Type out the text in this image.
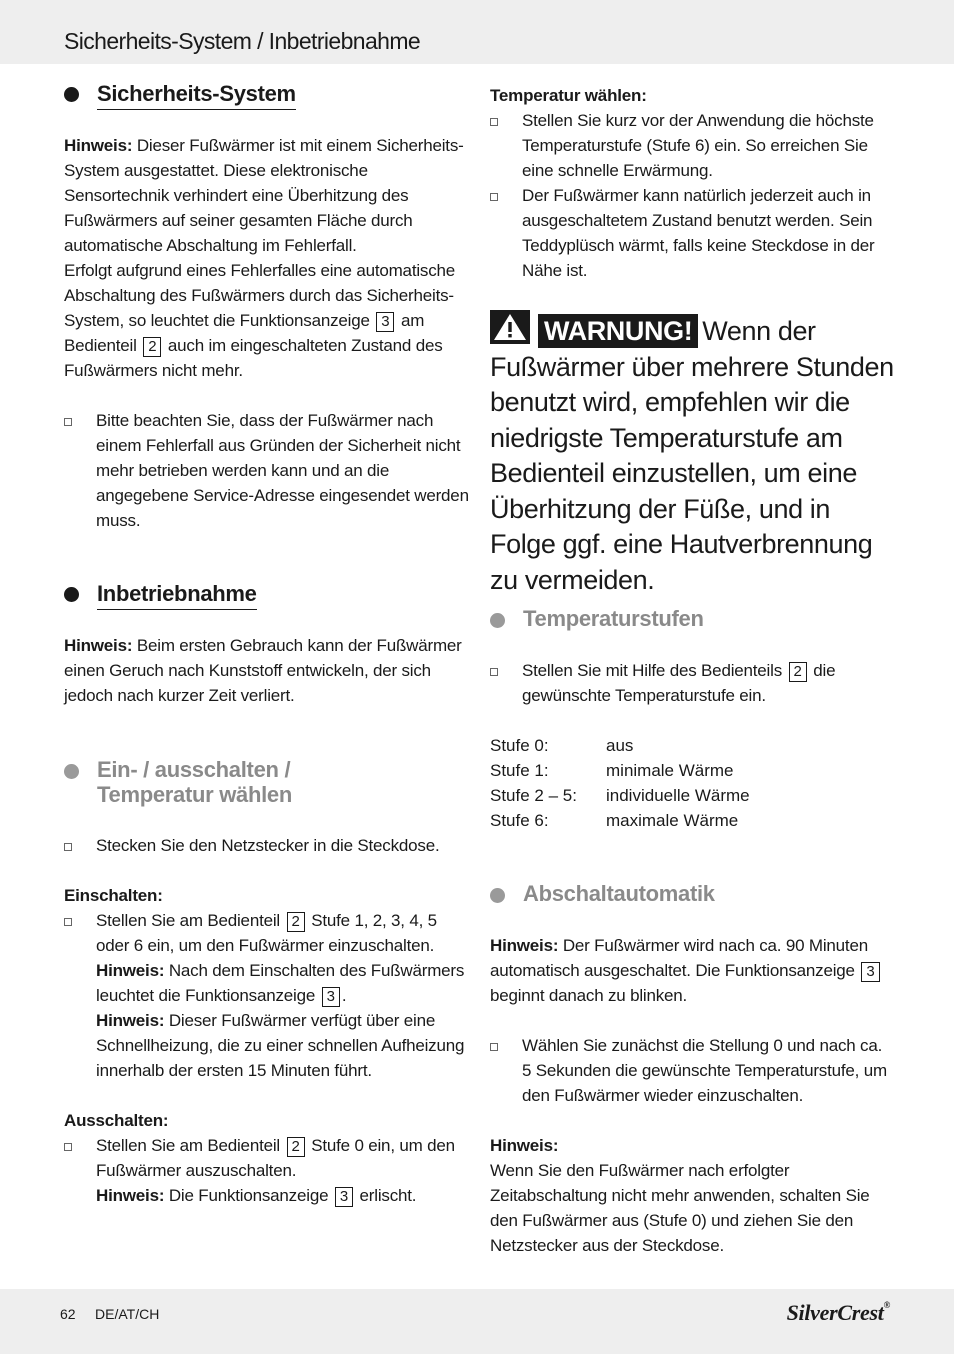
Sicherheits-System / Inbetriebnahme
Sicherheits-System
Hinweis: Dieser Fußwärmer ist mit einem Sicherheits-System ausgestattet. Diese elektronische Sensortechnik verhindert eine Überhitzung des Fußwärmers auf seiner gesamten Fläche durch automatische Abschaltung im Fehlerfall.
Erfolgt aufgrund eines Fehlerfalles eine automatische Abschaltung des Fußwärmers durch das Sicherheits-System, so leuchtet die Funktionsanzeige 3 am Bedienteil 2 auch im eingeschalteten Zustand des Fußwärmers nicht mehr.
Bitte beachten Sie, dass der Fußwärmer nach einem Fehlerfall aus Gründen der Sicherheit nicht mehr betrieben werden kann und an die angegebene Service-Adresse eingesendet werden muss.
Inbetriebnahme
Hinweis: Beim ersten Gebrauch kann der Fußwärmer einen Geruch nach Kunststoff entwickeln, der sich jedoch nach kurzer Zeit verliert.
Ein- / ausschalten /
Temperatur wählen
Stecken Sie den Netzstecker in die Steckdose.
Einschalten:
Stellen Sie am Bedienteil 2 Stufe 1, 2, 3, 4, 5 oder 6 ein, um den Fußwärmer einzuschalten.
Hinweis: Nach dem Einschalten des Fußwärmers leuchtet die Funktionsanzeige 3 .
Hinweis: Dieser Fußwärmer verfügt über eine Schnellheizung, die zu einer schnellen Aufheizung innerhalb der ersten 15 Minuten führt.
Ausschalten:
Stellen Sie am Bedienteil 2 Stufe 0 ein, um den Fußwärmer auszuschalten.
Hinweis: Die Funktionsanzeige 3 erlischt.
Temperatur wählen:
Stellen Sie kurz vor der Anwendung die höchste Temperaturstufe (Stufe 6) ein. So erreichen Sie eine schnelle Erwärmung.
Der Fußwärmer kann natürlich jederzeit auch in ausgeschaltetem Zustand benutzt werden. Sein Teddyplüsch wärmt, falls keine Steckdose in der Nähe ist.
WARNUNG! Wenn der Fußwärmer über mehrere Stunden benutzt wird, empfehlen wir die niedrigste Temperaturstufe am Bedienteil einzustellen, um eine Überhitzung der Füße, und in Folge ggf. eine Hautverbrennung zu vermeiden.
Temperaturstufen
Stellen Sie mit Hilfe des Bedienteils 2 die gewünschte Temperaturstufe ein.
Stufe 0:	aus
Stufe 1:	minimale Wärme
Stufe 2 – 5:	individuelle Wärme
Stufe 6:	maximale Wärme
Abschaltautomatik
Hinweis: Der Fußwärmer wird nach ca. 90 Minuten automatisch ausgeschaltet. Die Funktionsanzeige 3 beginnt danach zu blinken.
Wählen Sie zunächst die Stellung 0 und nach ca. 5 Sekunden die gewünschte Temperaturstufe, um den Fußwärmer wieder einzuschalten.
Hinweis:
Wenn Sie den Fußwärmer nach erfolgter Zeitabschaltung nicht mehr anwenden, schalten Sie den Fußwärmer aus (Stufe 0) und ziehen Sie den Netzstecker aus der Steckdose.
62 DE/AT/CH	SilverCrest®
